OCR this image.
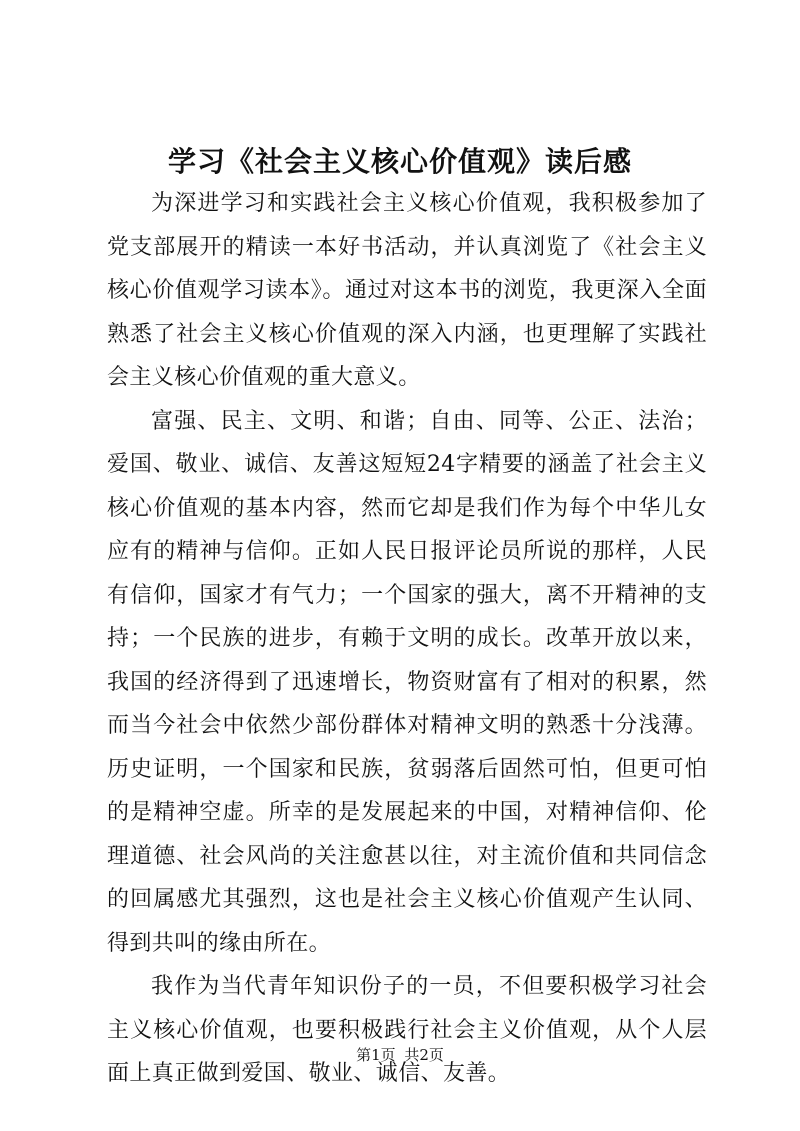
学习《社会主义核心价值观》读后感

为深进学习和实践社会主义核心价值观，我积极参加了党支部展开的精读一本好书活动，并认真浏览了《社会主义核心价值观学习读本》。通过对这本书的浏览，我更深入全面熟悉了社会主义核心价值观的深入内涵，也更理解了实践社会主义核心价值观的重大意义。

富强、民主、文明、和谐；自由、同等、公正、法治；爱国、敬业、诚信、友善这短短24字精要的涵盖了社会主义核心价值观的基本内容，然而它却是我们作为每个中华儿女应有的精神与信仰。正如人民日报评论员所说的那样，人民有信仰，国家才有气力；一个国家的强大，离不开精神的支持；一个民族的进步，有赖于文明的成长。改革开放以来，我国的经济得到了迅速增长，物资财富有了相对的积累，然而当今社会中依然少部份群体对精神文明的熟悉十分浅薄。历史证明，一个国家和民族，贫弱落后固然可怕，但更可怕的是精神空虚。所幸的是发展起来的中国，对精神信仰、伦理道德、社会风尚的关注愈甚以往，对主流价值和共同信念的回属感尤其强烈，这也是社会主义核心价值观产生认同、得到共叫的缘由所在。

我作为当代青年知识份子的一员，不但要积极学习社会主义核心价值观，也要积极践行社会主义价值观，从个人层面上真正做到爱国、敬业、诚信、友善。

第1页 共2页
